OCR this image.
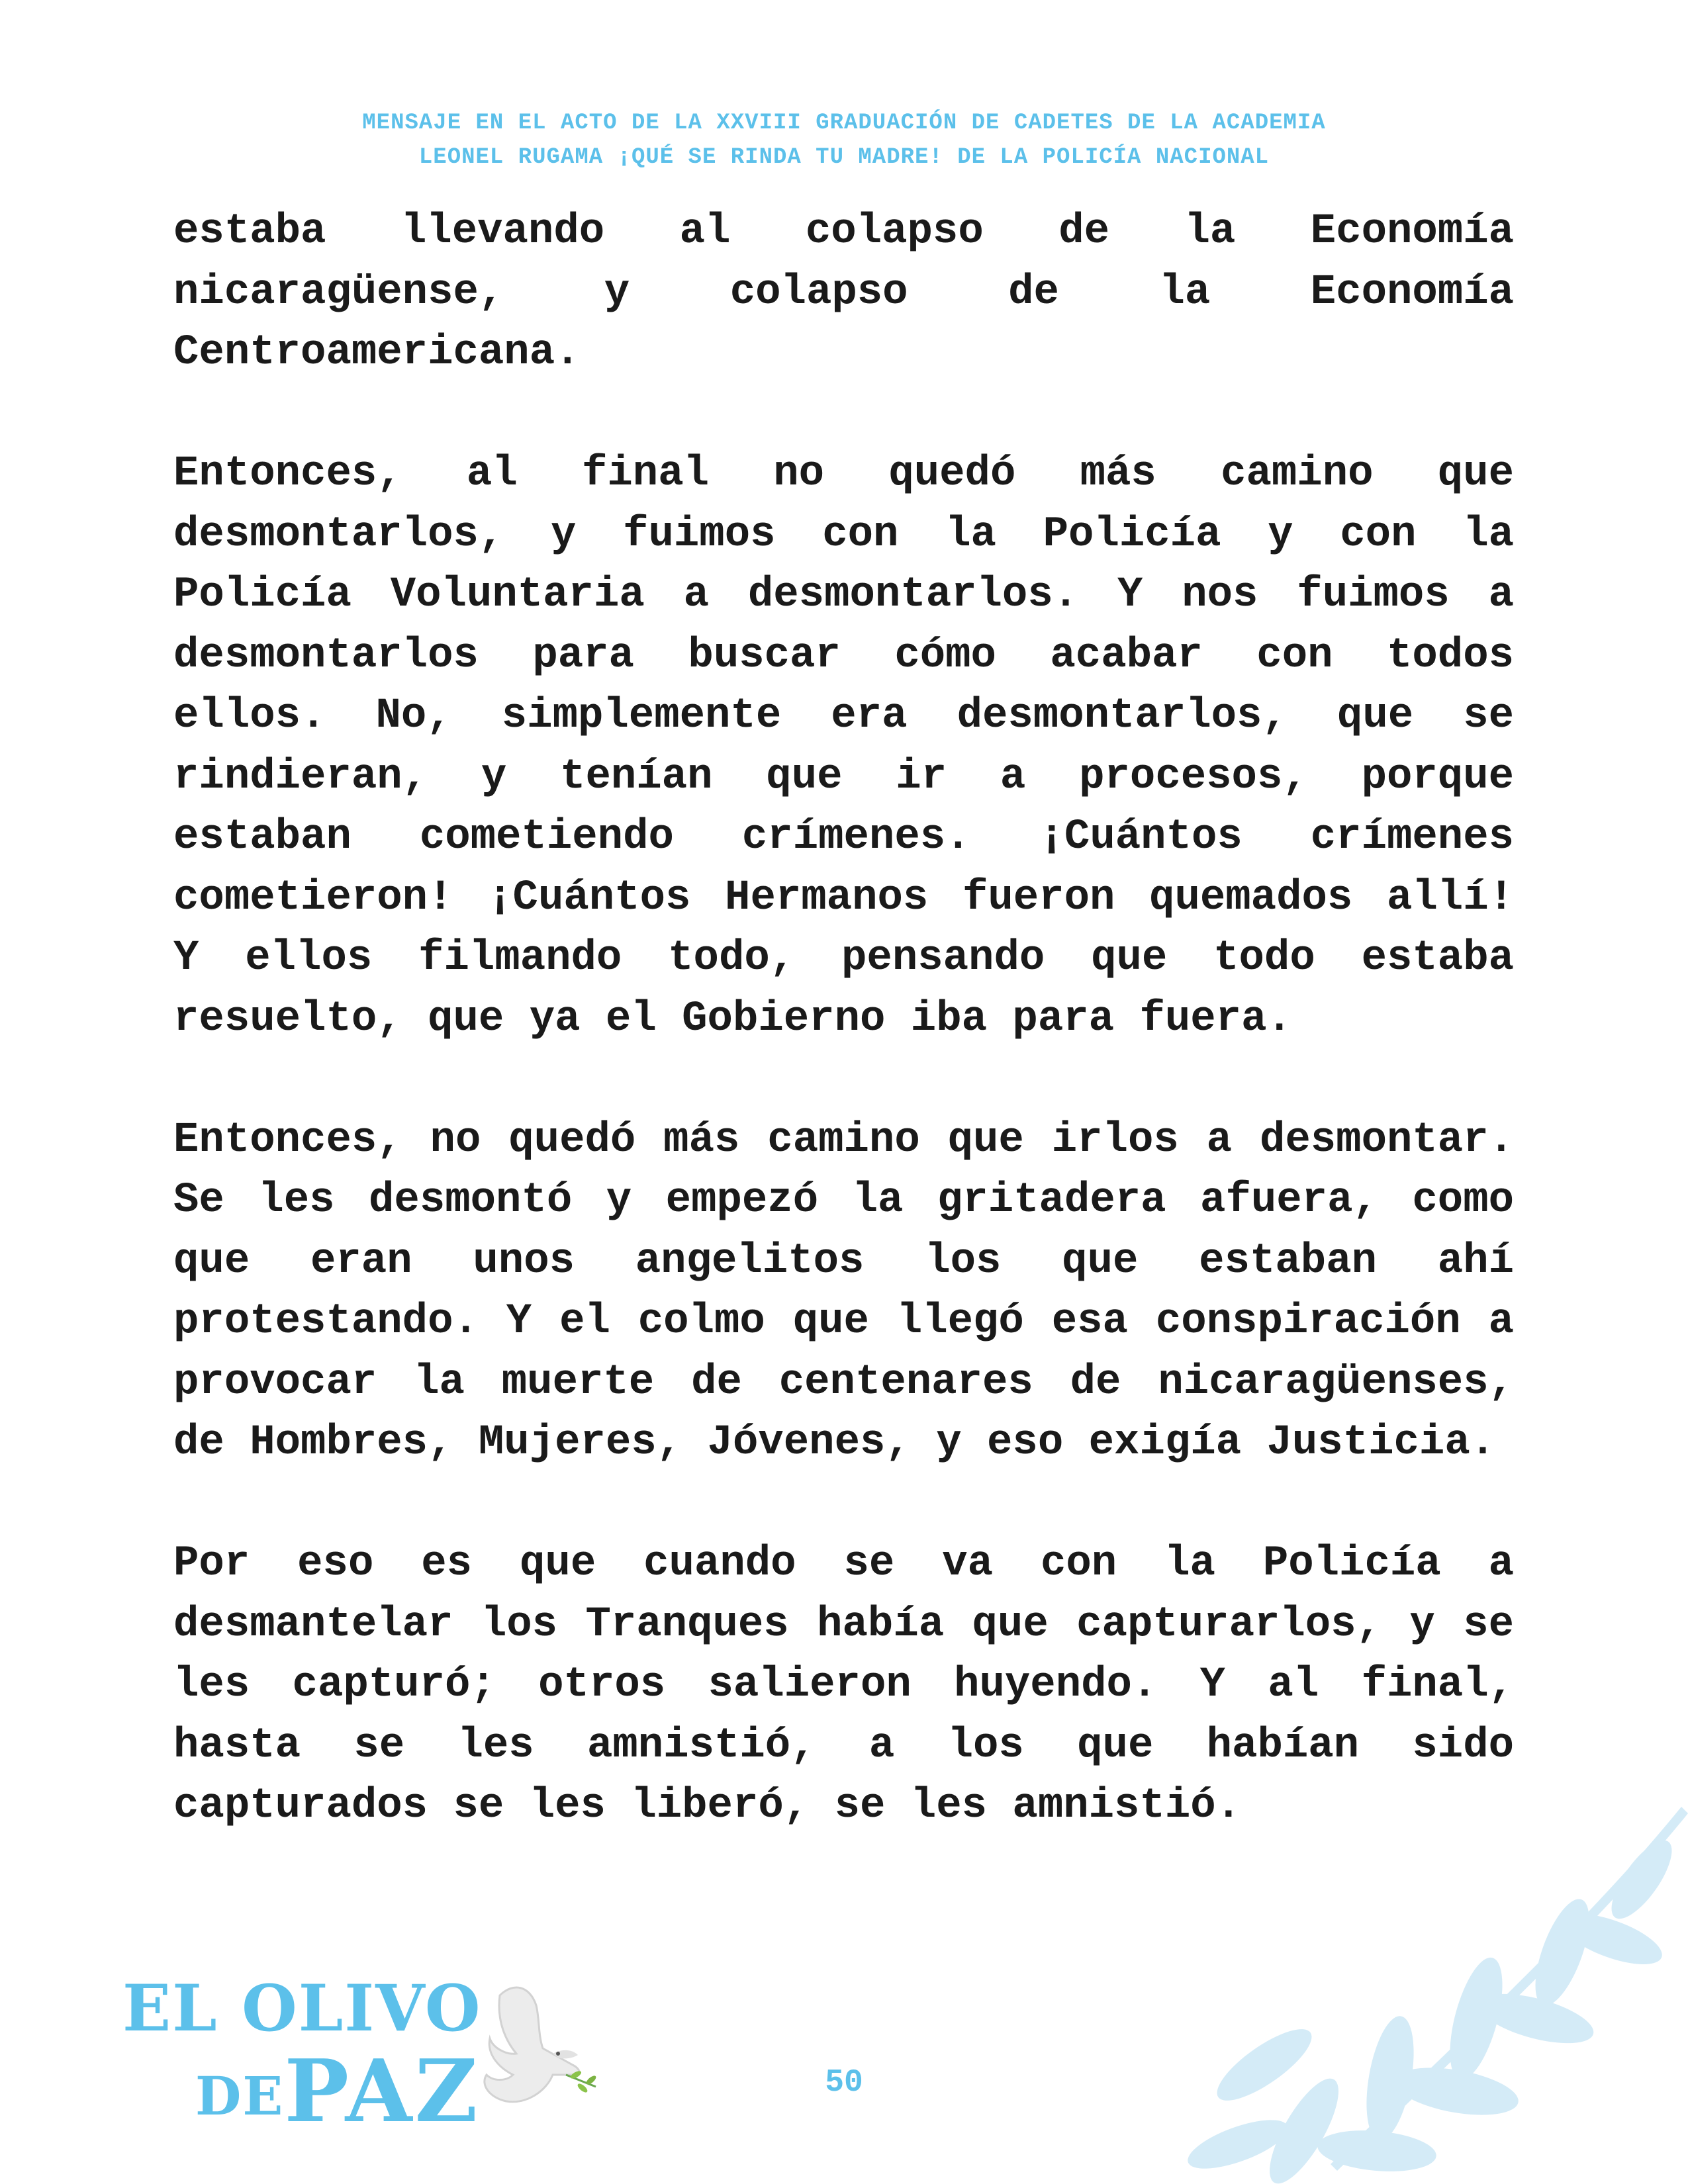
MENSAJE EN EL ACTO DE LA XXVIII GRADUACIÓN DE CADETES DE LA ACADEMIA
LEONEL RUGAMA ¡QUÉ SE RINDA TU MADRE! DE LA POLICÍA NACIONAL

estaba llevando al colapso de la Economía nicaragüense, y colapso de la Economía Centroamericana.

Entonces, al final no quedó más camino que desmontarlos, y fuimos con la Policía y con la Policía Voluntaria a desmontarlos. Y nos fuimos a desmontarlos para buscar cómo acabar con todos ellos. No, simplemente era desmontarlos, que se rindieran, y tenían que ir a procesos, porque estaban cometiendo crímenes. ¡Cuántos crímenes cometieron! ¡Cuántos Hermanos fueron quemados allí! Y ellos filmando todo, pensando que todo estaba resuelto, que ya el Gobierno iba para fuera.

Entonces, no quedó más camino que irlos a desmontar. Se les desmontó y empezó la gritadera afuera, como que eran unos angelitos los que estaban ahí protestando. Y el colmo que llegó esa conspiración a provocar la muerte de centenares de nicaragüenses, de Hombres, Mujeres, Jóvenes, y eso exigía Justicia.

Por eso es que cuando se va con la Policía a desmantelar los Tranques había que capturarlos, y se les capturó; otros salieron huyendo. Y al final, hasta se les amnistió, a los que habían sido capturados se les liberó, se les amnistió.

EL OLIVO
DEPAZ	50
